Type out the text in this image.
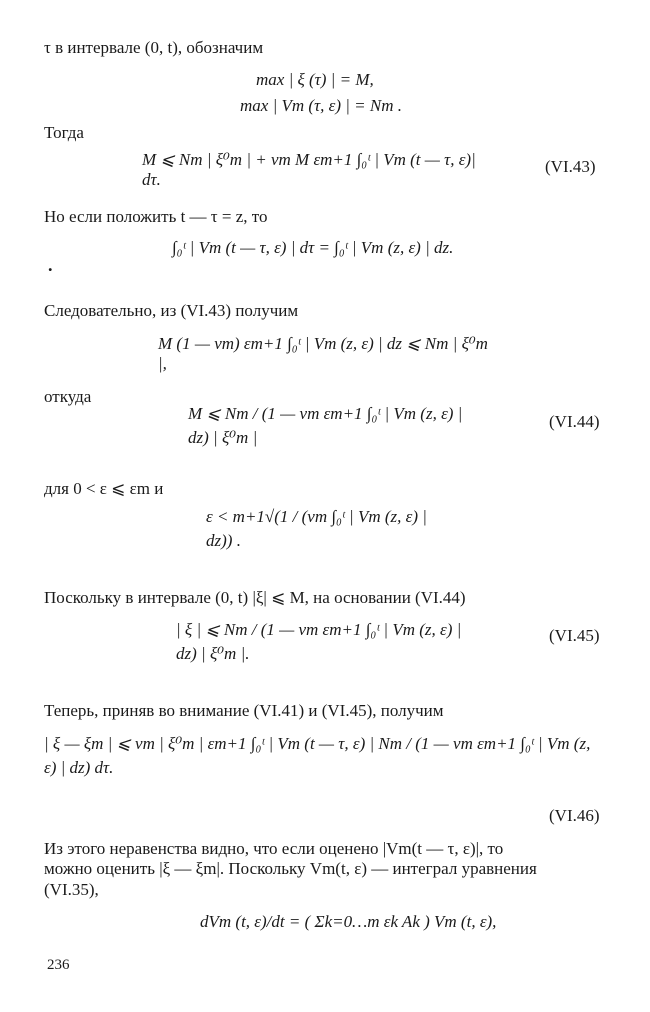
τ в интервале (0, t), обозначим
Тогда
Но если положить t — τ = z, то
.
Следовательно, из (VI.43) получим
откуда
для 0 < ε ⩽ εm и
Поскольку в интервале (0, t) |ξ| ⩽ M, на основании (VI.44)
Теперь, приняв во внимание (VI.41) и (VI.45), получим
Из этого неравенства видно, что если оценено |Vm(t — τ, ε)|, то
можно оценить |ξ — ξm|. Поскольку Vm(t, ε) — интеграл уравнения
(VI.35),
max | ξ (τ) | = M,
max | Vm (τ, ε) | = Nm .
M ⩽ Nm | ξ⁰m | + νm M εm+1 ∫₀ᵗ | Vm (t — τ, ε)| dτ.
∫₀ᵗ | Vm (t — τ, ε) | dτ = ∫₀ᵗ | Vm (z, ε) | dz.
M (1 — νm) εm+1 ∫₀ᵗ | Vm (z, ε) | dz ⩽ Nm | ξ⁰m |,
M ⩽ Nm / (1 — νm εm+1 ∫₀ᵗ | Vm (z, ε) | dz) | ξ⁰m |
ε < m+1√(1 / (νm ∫₀ᵗ | Vm (z, ε) | dz)) .
| ξ | ⩽ Nm / (1 — νm εm+1 ∫₀ᵗ | Vm (z, ε) | dz) | ξ⁰m |.
| ξ — ξm | ⩽ νm | ξ⁰m | εm+1 ∫₀ᵗ | Vm (t — τ, ε) | Nm / (1 — νm εm+1 ∫₀ᵗ | Vm (z, ε) | dz) dτ.
dVm (t, ε)/dt = ( Σk=0…m εk Ak ) Vm (t, ε),
(VI.43)
(VI.44)
(VI.45)
(VI.46)
236
